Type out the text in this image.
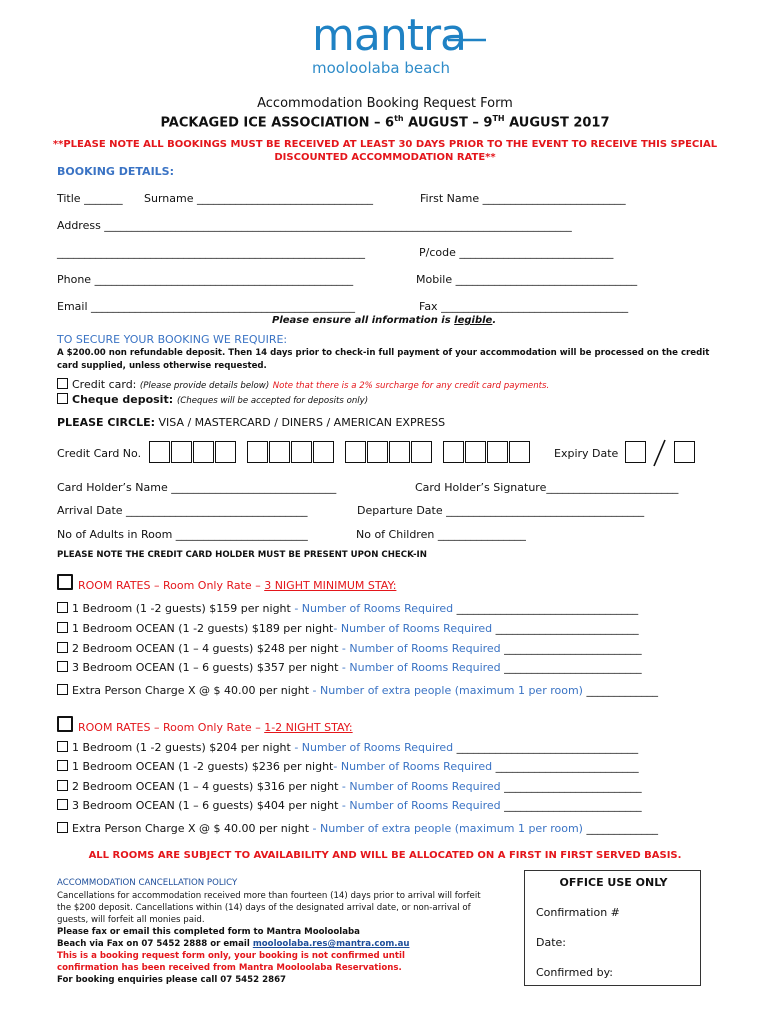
mantra
mooloolaba beach
Accommodation Booking Request Form
PACKAGED ICE ASSOCIATION – 6th AUGUST – 9TH AUGUST 2017
**PLEASE NOTE ALL BOOKINGS MUST BE RECEIVED AT LEAST 30 DAYS PRIOR TO THE EVENT TO RECEIVE THIS SPECIAL
DISCOUNTED ACCOMMODATION RATE**
BOOKING DETAILS:
Title _______ Surname ________________________________	First Name __________________________
Address _____________________________________________________________________________________
________________________________________________________	P/code ____________________________
Phone _______________________________________________	Mobile _________________________________
Email ________________________________________________	Fax __________________________________
Please ensure all information is legible.
TO SECURE YOUR BOOKING WE REQUIRE:
A $200.00 non refundable deposit. Then 14 days prior to check-in full payment of your accommodation will be processed on the credit
card supplied, unless otherwise requested.
Credit card: (Please provide details below) Note that there is a 2% surcharge for any credit card payments.
Cheque deposit: (Cheques will be accepted for deposits only)
PLEASE CIRCLE: VISA / MASTERCARD / DINERS / AMERICAN EXPRESS
Credit Card No.	Expiry Date
Card Holder’s Name ______________________________	Card Holder’s Signature________________________
Arrival Date _________________________________	Departure Date ____________________________________
No of Adults in Room ________________________	No of Children ________________
PLEASE NOTE THE CREDIT CARD HOLDER MUST BE PRESENT UPON CHECK-IN
ROOM RATES – Room Only Rate – 3 NIGHT MINIMUM STAY:
1 Bedroom (1 -2 guests) $159 per night - Number of Rooms Required _________________________________
1 Bedroom OCEAN (1 -2 guests) $189 per night- Number of Rooms Required __________________________
2 Bedroom OCEAN (1 – 4 guests) $248 per night - Number of Rooms Required _________________________
3 Bedroom OCEAN (1 – 6 guests) $357 per night - Number of Rooms Required _________________________
Extra Person Charge X @ $ 40.00 per night - Number of extra people (maximum 1 per room) _____________
ROOM RATES – Room Only Rate – 1-2 NIGHT STAY:
1 Bedroom (1 -2 guests) $204 per night - Number of Rooms Required _________________________________
1 Bedroom OCEAN (1 -2 guests) $236 per night- Number of Rooms Required __________________________
2 Bedroom OCEAN (1 – 4 guests) $316 per night - Number of Rooms Required _________________________
3 Bedroom OCEAN (1 – 6 guests) $404 per night - Number of Rooms Required _________________________
Extra Person Charge X @ $ 40.00 per night - Number of extra people (maximum 1 per room) _____________
ALL ROOMS ARE SUBJECT TO AVAILABILITY AND WILL BE ALLOCATED ON A FIRST IN FIRST SERVED BASIS.
ACCOMMODATION CANCELLATION POLICY
Cancellations for accommodation received more than fourteen (14) days prior to arrival will forfeit
the $200 deposit. Cancellations within (14) days of the designated arrival date, or non-arrival of
guests, will forfeit all monies paid.
Please fax or email this completed form to Mantra Mooloolaba
Beach via Fax on 07 5452 2888 or email mooloolaba.res@mantra.com.au
This is a booking request form only, your booking is not confirmed until
confirmation has been received from Mantra Mooloolaba Reservations.
For booking enquiries please call 07 5452 2867
OFFICE USE ONLY
Confirmation #
Date:
Confirmed by:
